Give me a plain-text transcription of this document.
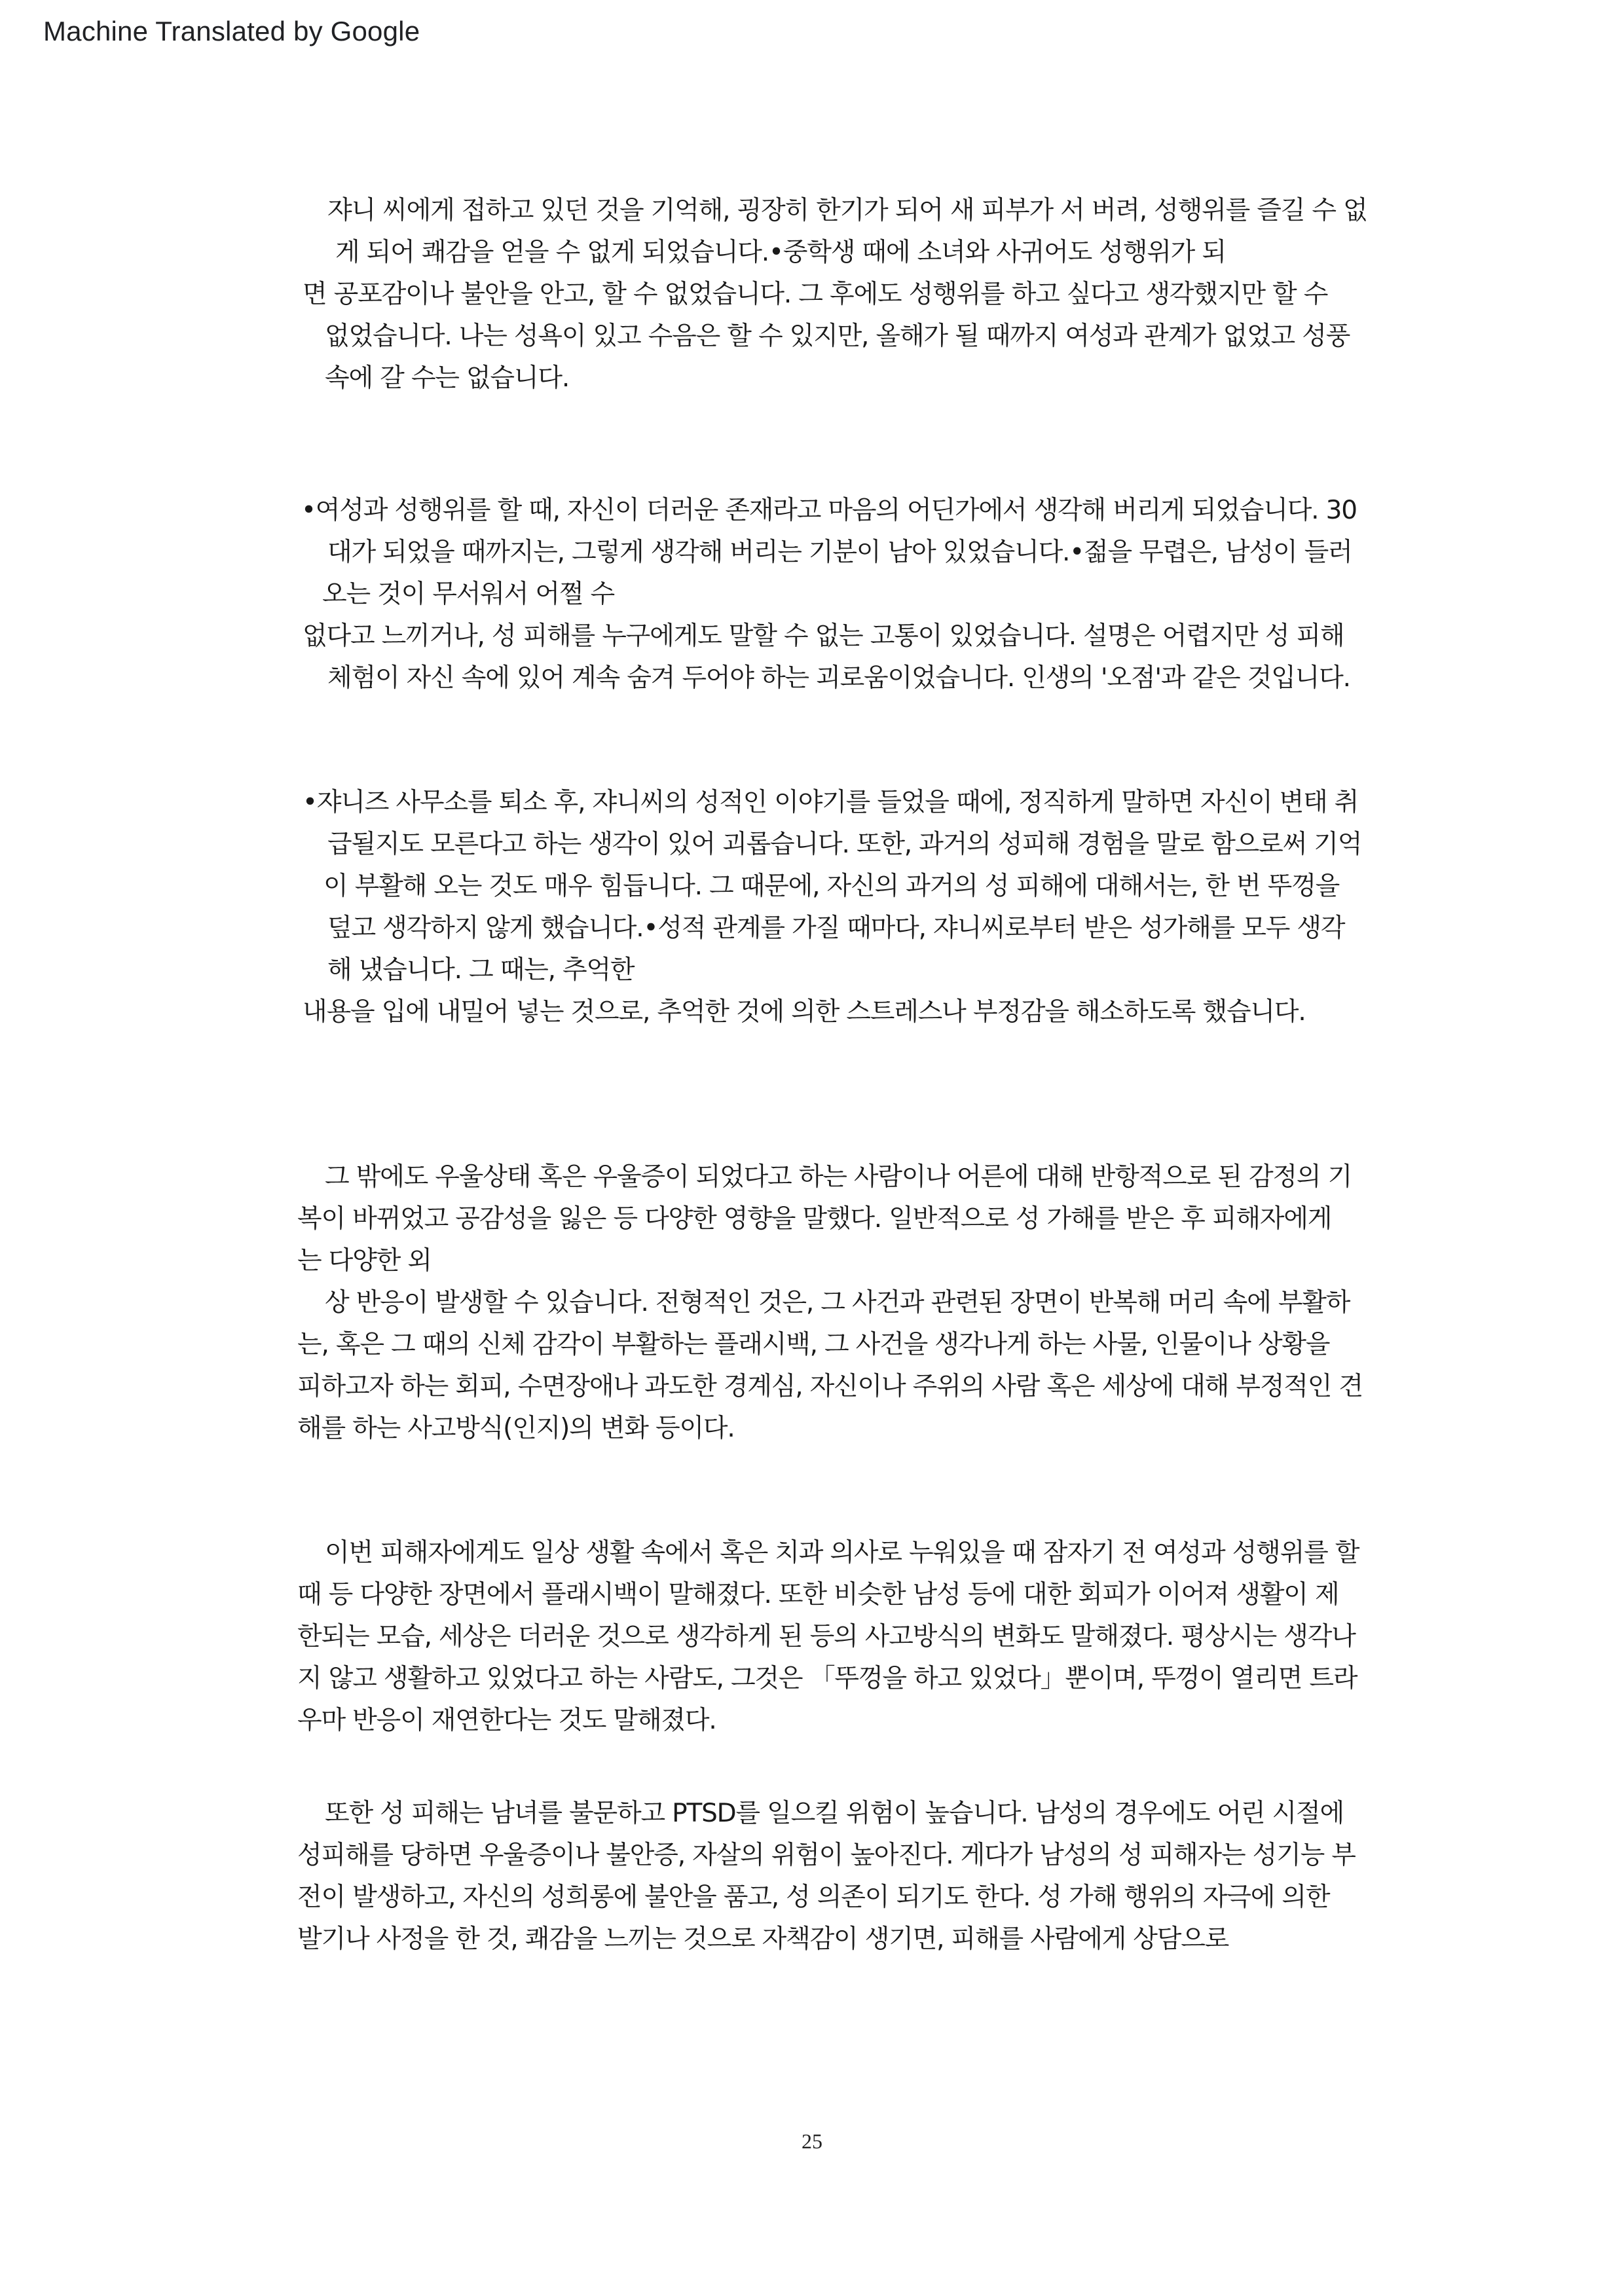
Machine Translated by Google
쟈니 씨에게 접하고 있던 것을 기억해, 굉장히 한기가 되어 새 피부가 서 버려, 성행위를 즐길 수 없
게 되어 쾌감을 얻을 수 없게 되었습니다.•중학생 때에 소녀와 사귀어도 성행위가 되
면 공포감이나 불안을 안고, 할 수 없었습니다. 그 후에도 성행위를 하고 싶다고 생각했지만 할 수
없었습니다. 나는 성욕이 있고 수음은 할 수 있지만, 올해가 될 때까지 여성과 관계가 없었고 성풍
속에 갈 수는 없습니다.
•여성과 성행위를 할 때, 자신이 더러운 존재라고 마음의 어딘가에서 생각해 버리게 되었습니다. 30
대가 되었을 때까지는, 그렇게 생각해 버리는 기분이 남아 있었습니다.•젊을 무렵은, 남성이 들러
오는 것이 무서워서 어쩔 수
없다고 느끼거나, 성 피해를 누구에게도 말할 수 없는 고통이 있었습니다. 설명은 어렵지만 성 피해
체험이 자신 속에 있어 계속 숨겨 두어야 하는 괴로움이었습니다. 인생의 '오점'과 같은 것입니다.
•쟈니즈 사무소를 퇴소 후, 쟈니씨의 성적인 이야기를 들었을 때에, 정직하게 말하면 자신이 변태 취
급될지도 모른다고 하는 생각이 있어 괴롭습니다. 또한, 과거의 성피해 경험을 말로 함으로써 기억
이 부활해 오는 것도 매우 힘듭니다. 그 때문에, 자신의 과거의 성 피해에 대해서는, 한 번 뚜껑을
덮고 생각하지 않게 했습니다.•성적 관계를 가질 때마다, 쟈니씨로부터 받은 성가해를 모두 생각
해 냈습니다. 그 때는, 추억한
내용을 입에 내밀어 넣는 것으로, 추억한 것에 의한 스트레스나 부정감을 해소하도록 했습니다.
그 밖에도 우울상태 혹은 우울증이 되었다고 하는 사람이나 어른에 대해 반항적으로 된 감정의 기
복이 바뀌었고 공감성을 잃은 등 다양한 영향을 말했다. 일반적으로 성 가해를 받은 후 피해자에게
는 다양한 외
상 반응이 발생할 수 있습니다. 전형적인 것은, 그 사건과 관련된 장면이 반복해 머리 속에 부활하
는, 혹은 그 때의 신체 감각이 부활하는 플래시백, 그 사건을 생각나게 하는 사물, 인물이나 상황을
피하고자 하는 회피, 수면장애나 과도한 경계심, 자신이나 주위의 사람 혹은 세상에 대해 부정적인 견
해를 하는 사고방식(인지)의 변화 등이다.
이번 피해자에게도 일상 생활 속에서 혹은 치과 의사로 누워있을 때 잠자기 전 여성과 성행위를 할
때 등 다양한 장면에서 플래시백이 말해졌다. 또한 비슷한 남성 등에 대한 회피가 이어져 생활이 제
한되는 모습, 세상은 더러운 것으로 생각하게 된 등의 사고방식의 변화도 말해졌다. 평상시는 생각나
지 않고 생활하고 있었다고 하는 사람도, 그것은 「뚜껑을 하고 있었다」뿐이며, 뚜껑이 열리면 트라
우마 반응이 재연한다는 것도 말해졌다.
또한 성 피해는 남녀를 불문하고 PTSD를 일으킬 위험이 높습니다. 남성의 경우에도 어린 시절에
성피해를 당하면 우울증이나 불안증, 자살의 위험이 높아진다. 게다가 남성의 성 피해자는 성기능 부
전이 발생하고, 자신의 성희롱에 불안을 품고, 성 의존이 되기도 한다. 성 가해 행위의 자극에 의한
발기나 사정을 한 것, 쾌감을 느끼는 것으로 자책감이 생기면, 피해를 사람에게 상담으로
25
